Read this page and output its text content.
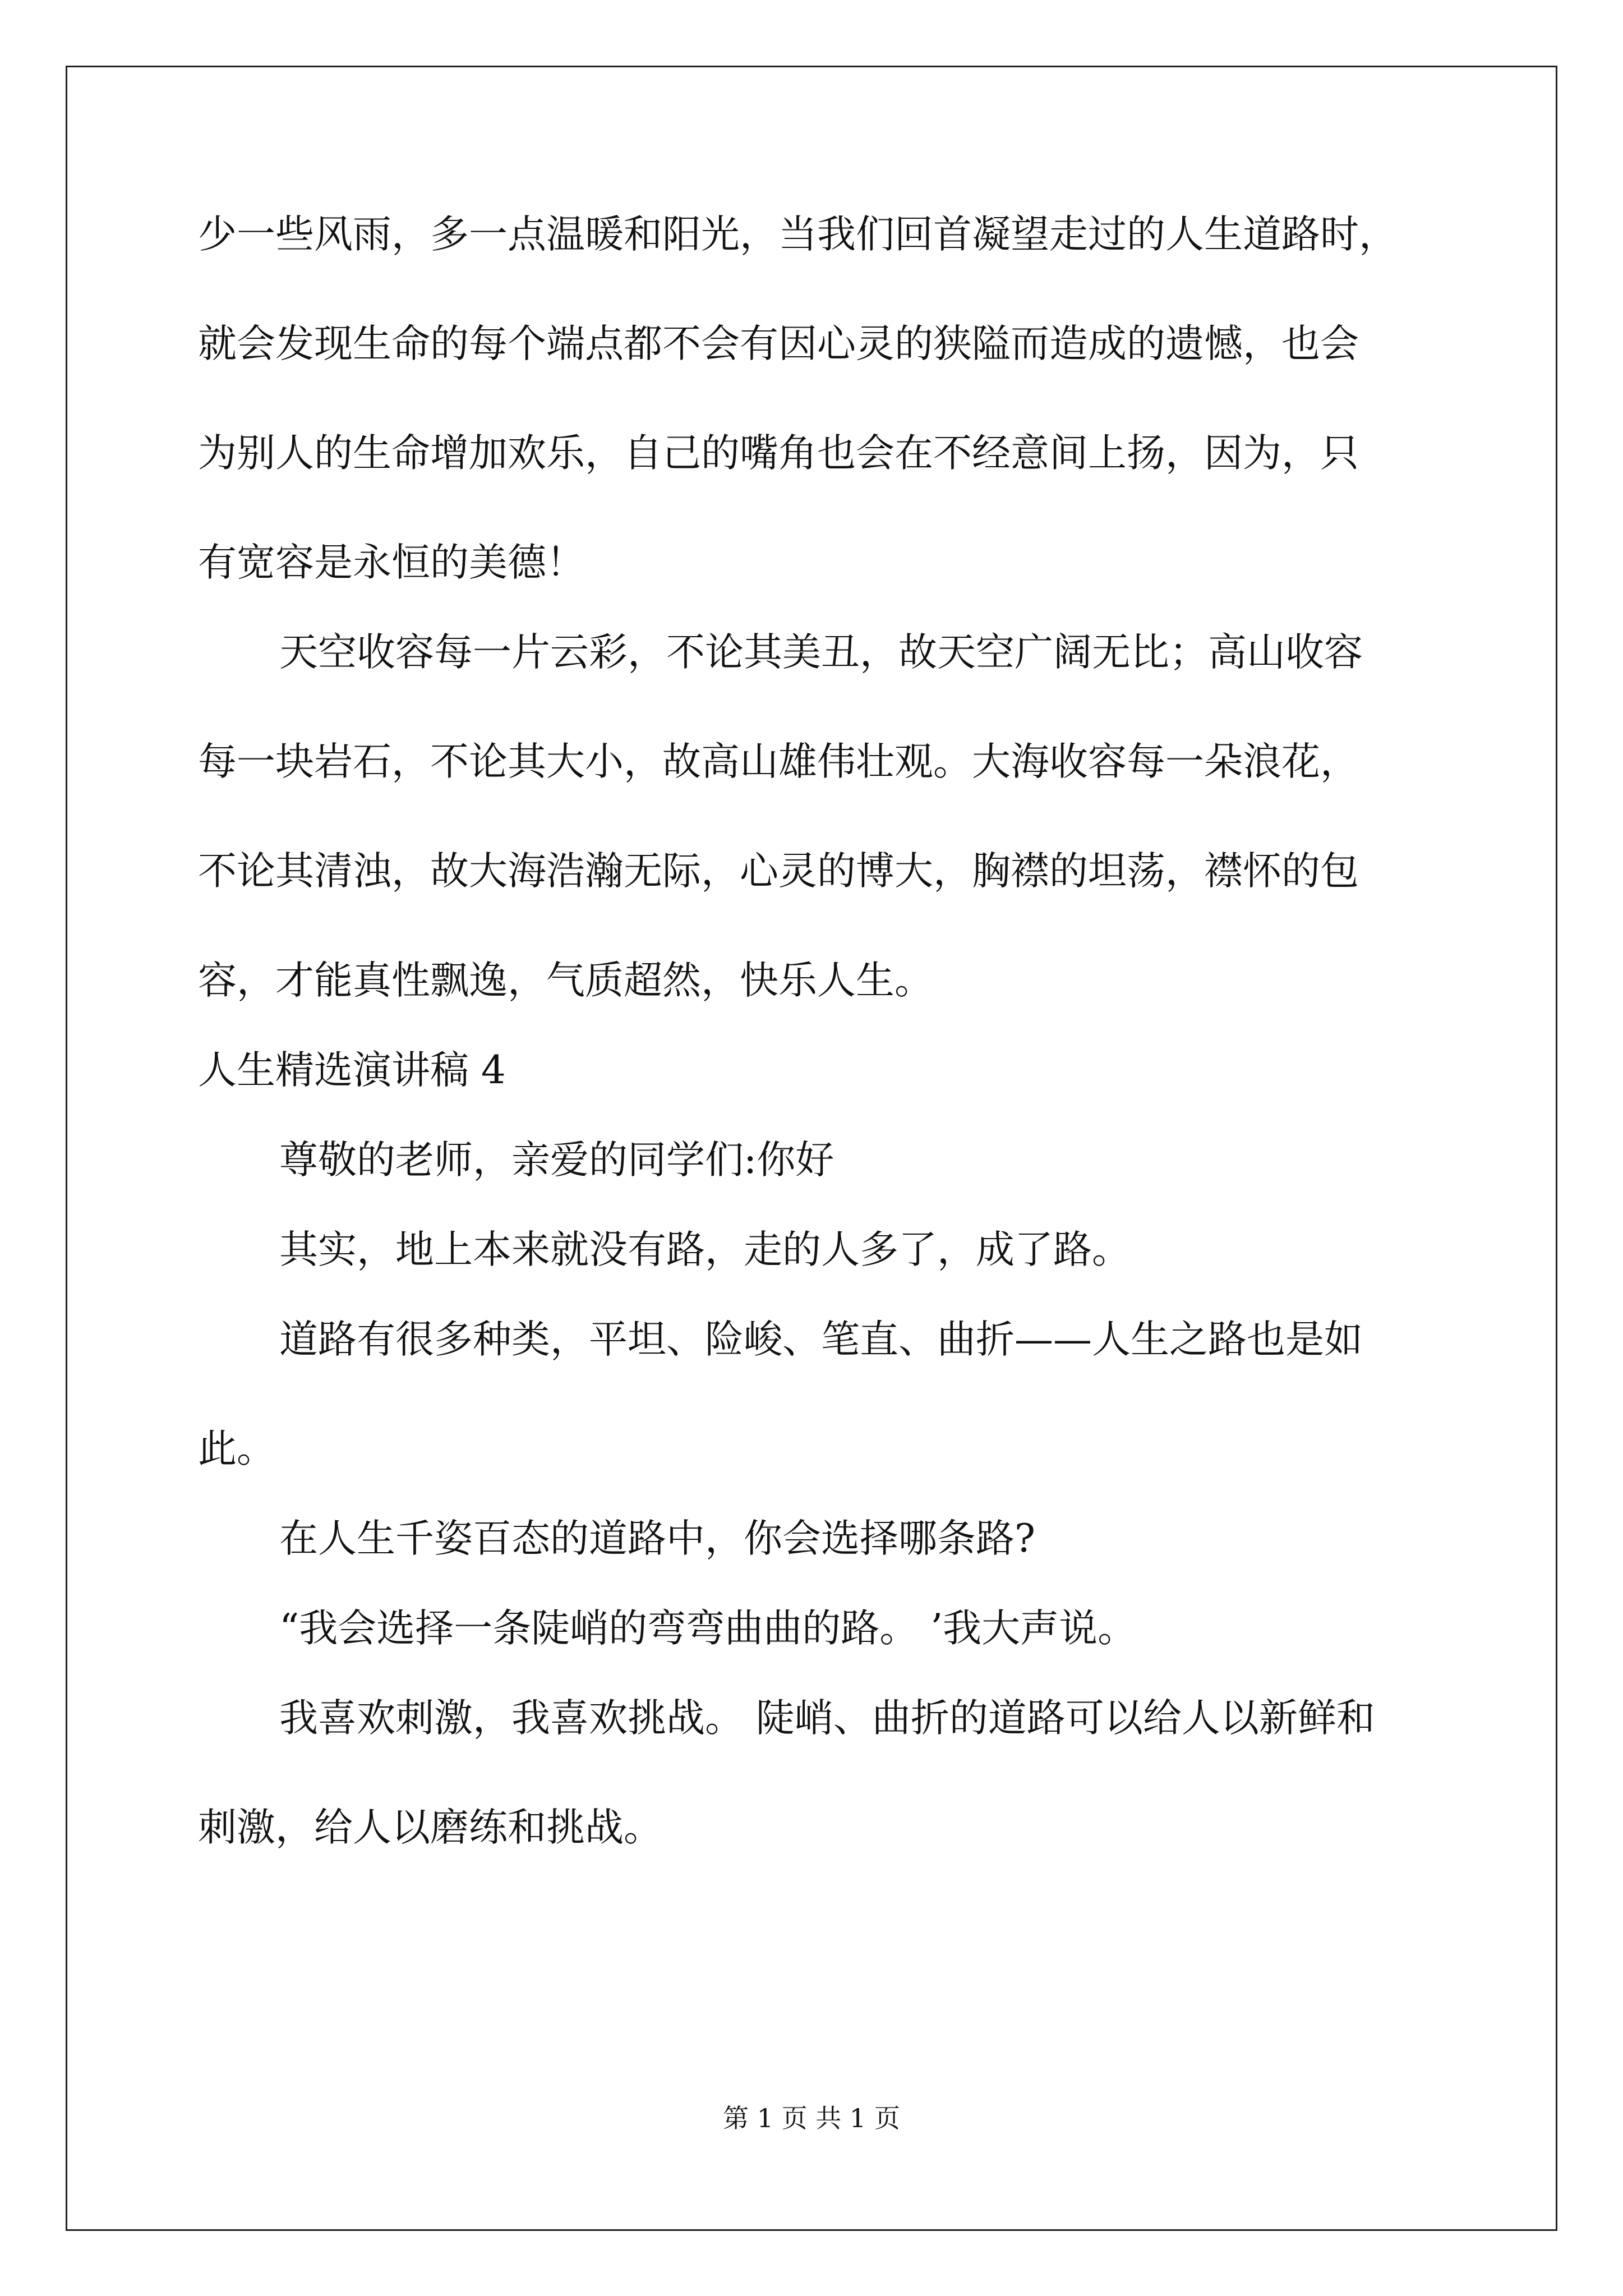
少一些风雨，多一点温暖和阳光，当我们回首凝望走过的人生道路时，
就会发现生命的每个端点都不会有因心灵的狭隘而造成的遗憾，也会
为别人的生命增加欢乐，自己的嘴角也会在不经意间上扬，因为，只
有宽容是永恒的美德！
天空收容每一片云彩，不论其美丑，故天空广阔无比；高山收容
每一块岩石，不论其大小，故高山雄伟壮观。大海收容每一朵浪花，
不论其清浊，故大海浩瀚无际，心灵的博大，胸襟的坦荡，襟怀的包
容，才能真性飘逸，气质超然，快乐人生。
人生精选演讲稿 4
尊敬的老师，亲爱的同学们:你好
其实，地上本来就没有路，走的人多了，成了路。
道路有很多种类，平坦、险峻、笔直、曲折——人生之路也是如
此。
在人生千姿百态的道路中，你会选择哪条路?
“我会选择一条陡峭的弯弯曲曲的路。 ’我大声说。
我喜欢刺激，我喜欢挑战。 陡峭、曲折的道路可以给人以新鲜和
刺激，给人以磨练和挑战。
第 1 页 共 1 页
